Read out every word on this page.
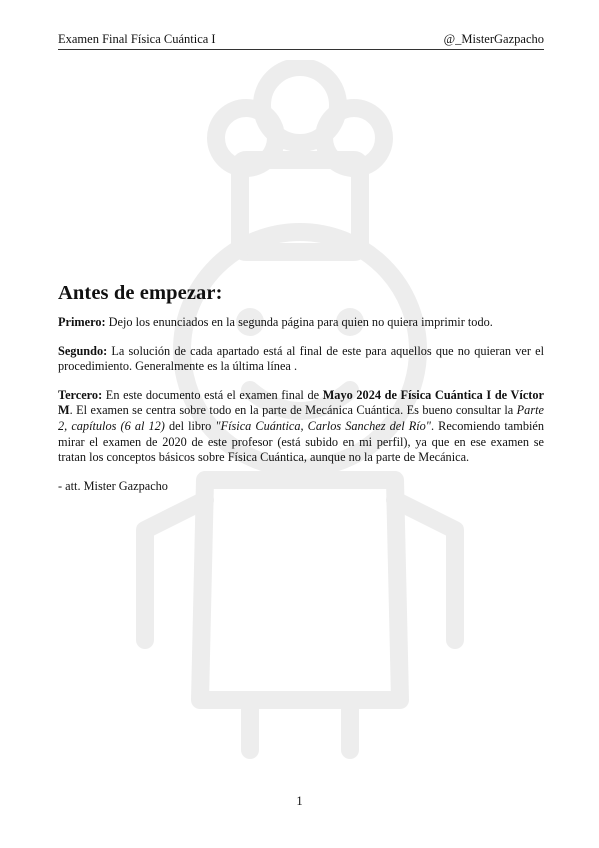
Examen Final Física Cuántica I	@_MisterGazpacho
Antes de empezar:

Primero: Dejo los enunciados en la segunda página para quien no quiera imprimir todo.

Segundo: La solución de cada apartado está al final de este para aquellos que no quieran ver el procedimiento. Generalmente es la última línea .

Tercero: En este documento está el examen final de Mayo 2024 de Física Cuántica I de Víctor M. El examen se centra sobre todo en la parte de Mecánica Cuántica. Es bueno consultar la Parte 2, capítulos (6 al 12) del libro "Física Cuántica, Carlos Sanchez del Río". Recomiendo también mirar el examen de 2020 de este profesor (está subido en mi perfil), ya que en ese examen se tratan los conceptos básicos sobre Física Cuántica, aunque no la parte de Mecánica.

- att. Mister Gazpacho

1
